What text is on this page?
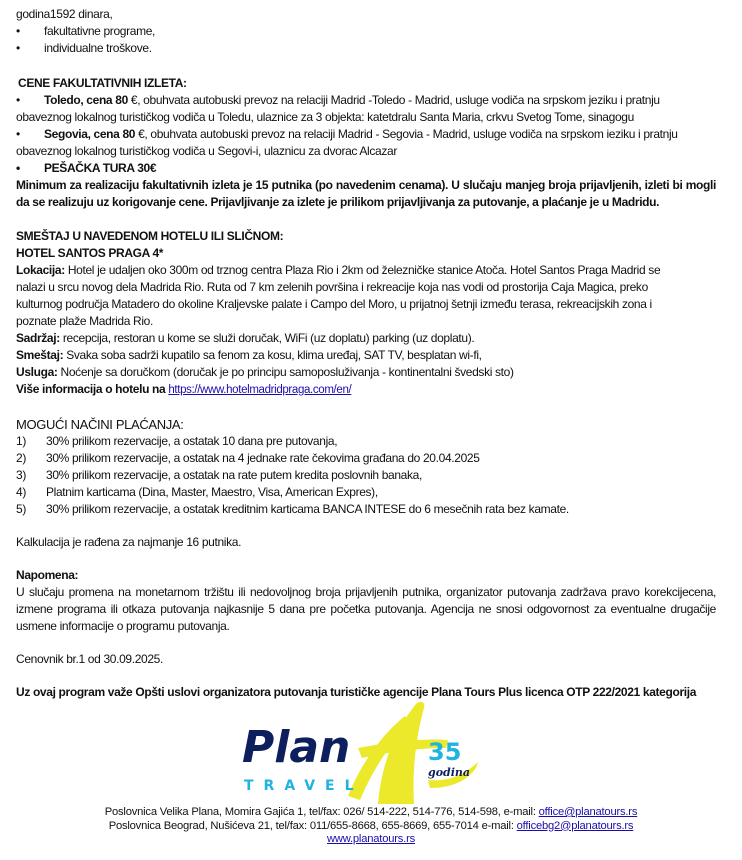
godina1592 dinara,
•	fakultativne programe,
•	individualne troškove.
CENE FAKULTATIVNIH IZLETA:
•	Toledo, cena 80 €, obuhvata autobuski prevoz na relaciji Madrid -Toledo - Madrid, usluge vodiča na srpskom jeziku i pratnju
obaveznog lokalnog turističkog vodiča u Toledu, ulaznice za 3 objekta: katetdralu Santa Maria, crkvu Svetog Tome, sinagogu
•	Segovia, cena 80 €, obuhvata autobuski prevoz na relaciji Madrid - Segovia - Madrid, usluge vodiča na srpskom ieziku i pratnju
obaveznog lokalnog turističkog vodiča u Segovi-i, ulaznicu za dvorac Alcazar
•	PEŠAČKA TURA 30€
Minimum za realizaciju fakultativnih izleta je 15 putnika (po navedenim cenama). U slučaju manjeg broja prijavljenih, izleti bi mogli da se realizuju uz korigovanje cene. Prijavljivanje za izlete je prilikom prijavljivanja za putovanje, a plaćanje je u Madridu.
SMEŠTAJ U NAVEDENOM HOTELU ILI SLIČNOM:
HOTEL SANTOS PRAGA 4*
Lokacija: Hotel je udaljen oko 300m od trznog centra Plaza Rio i 2km od železničke stanice Atoča. Hotel Santos Praga Madrid se
nalazi u srcu novog dela Madrida Rio. Ruta od 7 km zelenih površina i rekreacije koja nas vodi od prostorija Caja Magica, preko
kulturnog područja Matadero do okoline Kraljevske palate i Campo del Moro, u prijatnoj šetnji između terasa, rekreacijskih zona i
poznate plaže Madrida Rio.
Sadržaj: recepcija, restoran u kome se služi doručak, WiFi (uz doplatu) parking (uz doplatu).
Smeštaj: Svaka soba sadrži kupatilo sa fenom za kosu, klima uređaj, SAT TV, besplatan wi-fi,
Usluga: Noćenje sa doručkom (doručak je po principu samoposluživanja - kontinentalni švedski sto)
Više informacija o hotelu na https://www.hotelmadridpraga.com/en/
MOGUĆI NAČINI PLAĆANJA:
1)	30% prilikom rezervacije, a ostatak 10 dana pre putovanja,
2)	30% prilikom rezervacije, a ostatak na 4 jednake rate čekovima građana do 20.04.2025
3)	30% prilikom rezervacije, a ostatak na rate putem kredita poslovnih banaka,
4)	Platnim karticama (Dina, Master, Maestro, Visa, American Expres),
5)	30% prilikom rezervacije, a ostatak kreditnim karticama BANCA INTESE do 6 mesečnih rata bez kamate.
Kalkulacija je rađena za najmanje 16 putnika.
Napomena:
U slučaju promena na monetarnom tržištu ili nedovoljnog broja prijavljenih putnika, organizator putovanja zadržava pravo korekcijecena, izmene programa ili otkaza putovanja najkasnije 5 dana pre početka putovanja. Agencija ne snosi odgovornost za eventualne drugačije usmene informacije o programu putovanja.
Cenovnik br.1 od 30.09.2025.
Uz ovaj program važe Opšti uslovi organizatora putovanja turističke agencije Plana Tours Plus licenca OTP 222/2021 kategorija
Plan
TRAVEL
35
godina
Poslovnica Velika Plana, Momira Gajića 1, tel/fax: 026/ 514-222, 514-776, 514-598, e-mail: office@planatours.rs
Poslovnica Beograd, Nušićeva 21, tel/fax: 011/655-8668, 655-8669, 655-7014 e-mail: officebg2@planatours.rs
www.planatours.rs
